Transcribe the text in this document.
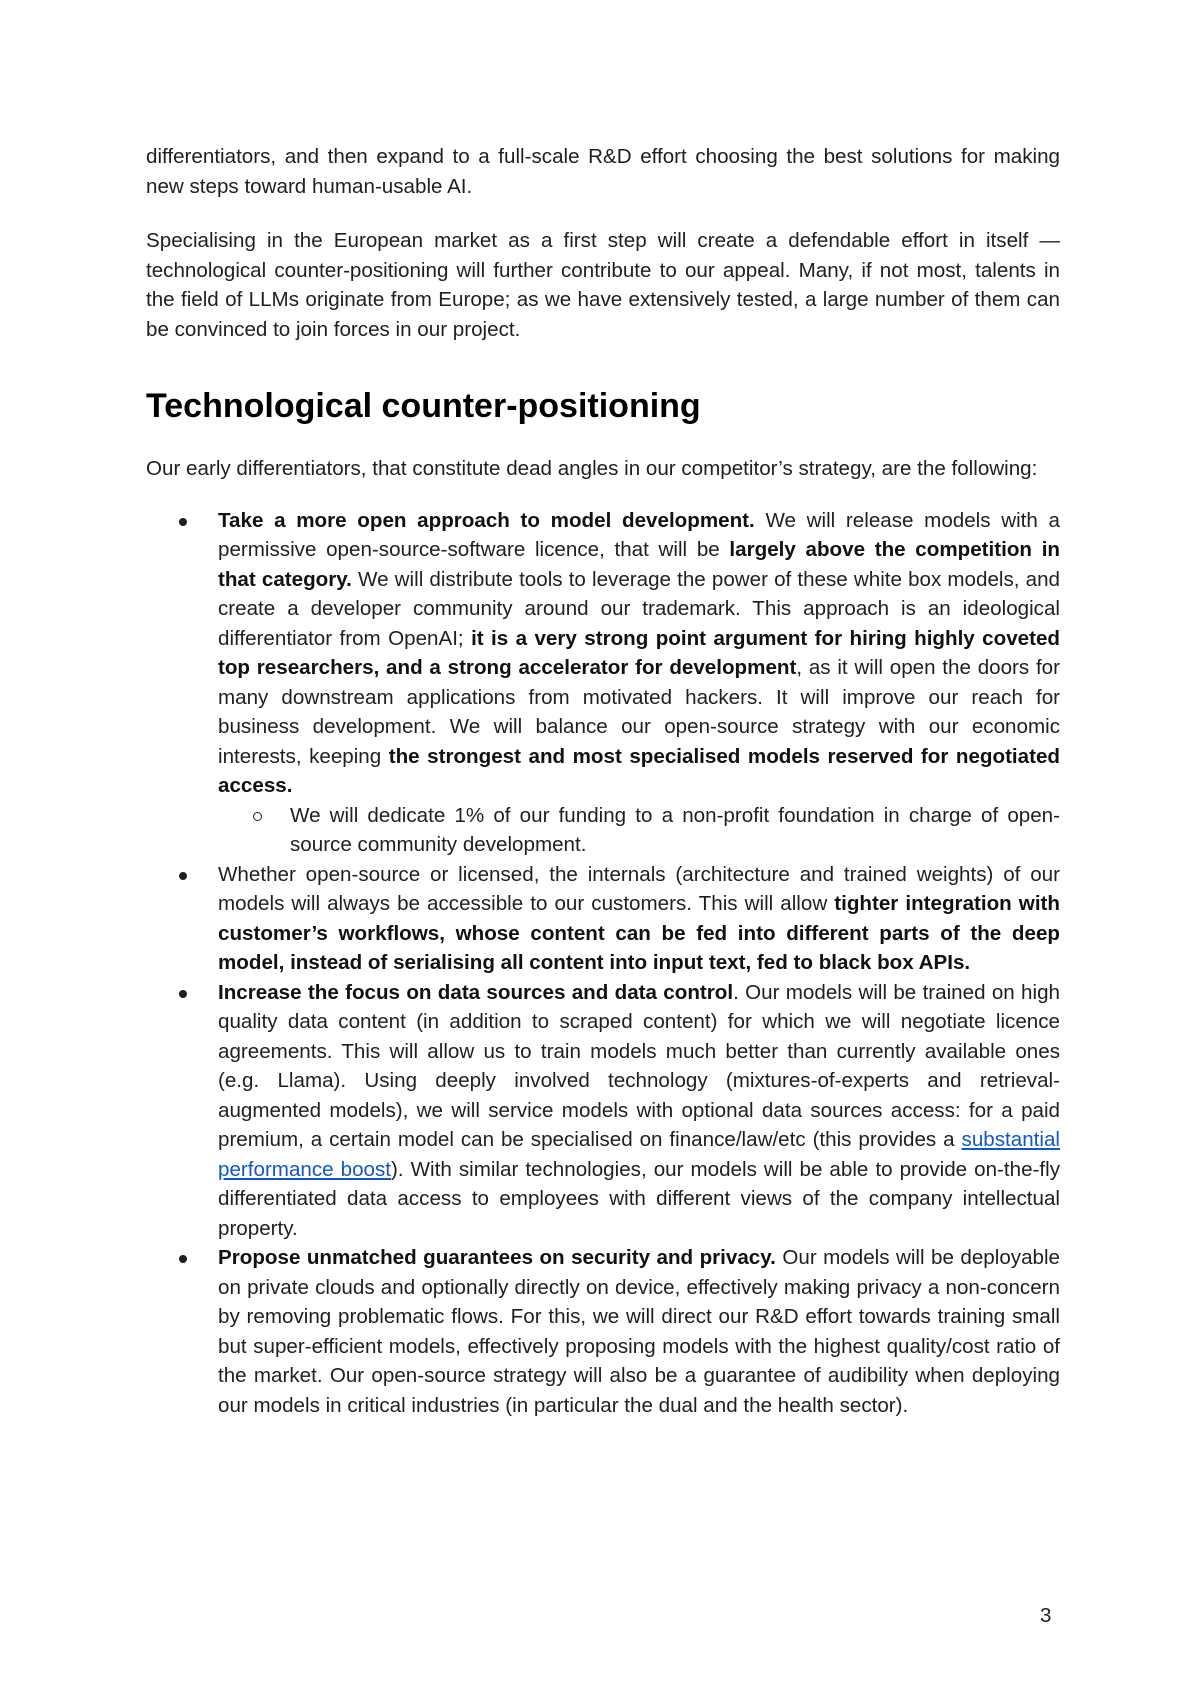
differentiators, and then expand to a full-scale R&D effort choosing the best solutions for making new steps toward human-usable AI.

Specialising in the European market as a first step will create a defendable effort in itself — technological counter-positioning will further contribute to our appeal. Many, if not most, talents in the field of LLMs originate from Europe; as we have extensively tested, a large number of them can be convinced to join forces in our project.

Technological counter-positioning

Our early differentiators, that constitute dead angles in our competitor’s strategy, are the following:

Take a more open approach to model development. We will release models with a permissive open-source-software licence, that will be largely above the competition in that category. We will distribute tools to leverage the power of these white box models, and create a developer community around our trademark. This approach is an ideological differentiator from OpenAI; it is a very strong point argument for hiring highly coveted top researchers, and a strong accelerator for development, as it will open the doors for many downstream applications from motivated hackers. It will improve our reach for business development. We will balance our open-source strategy with our economic interests, keeping the strongest and most specialised models reserved for negotiated access.
We will dedicate 1% of our funding to a non-profit foundation in charge of open-source community development.
Whether open-source or licensed, the internals (architecture and trained weights) of our models will always be accessible to our customers. This will allow tighter integration with customer’s workflows, whose content can be fed into different parts of the deep model, instead of serialising all content into input text, fed to black box APIs.
Increase the focus on data sources and data control. Our models will be trained on high quality data content (in addition to scraped content) for which we will negotiate licence agreements. This will allow us to train models much better than currently available ones (e.g. Llama). Using deeply involved technology (mixtures-of-experts and retrieval-augmented models), we will service models with optional data sources access: for a paid premium, a certain model can be specialised on finance/law/etc (this provides a substantial performance boost). With similar technologies, our models will be able to provide on-the-fly differentiated data access to employees with different views of the company intellectual property.
Propose unmatched guarantees on security and privacy. Our models will be deployable on private clouds and optionally directly on device, effectively making privacy a non-concern by removing problematic flows. For this, we will direct our R&D effort towards training small but super-efficient models, effectively proposing models with the highest quality/cost ratio of the market. Our open-source strategy will also be a guarantee of audibility when deploying our models in critical industries (in particular the dual and the health sector).
3
